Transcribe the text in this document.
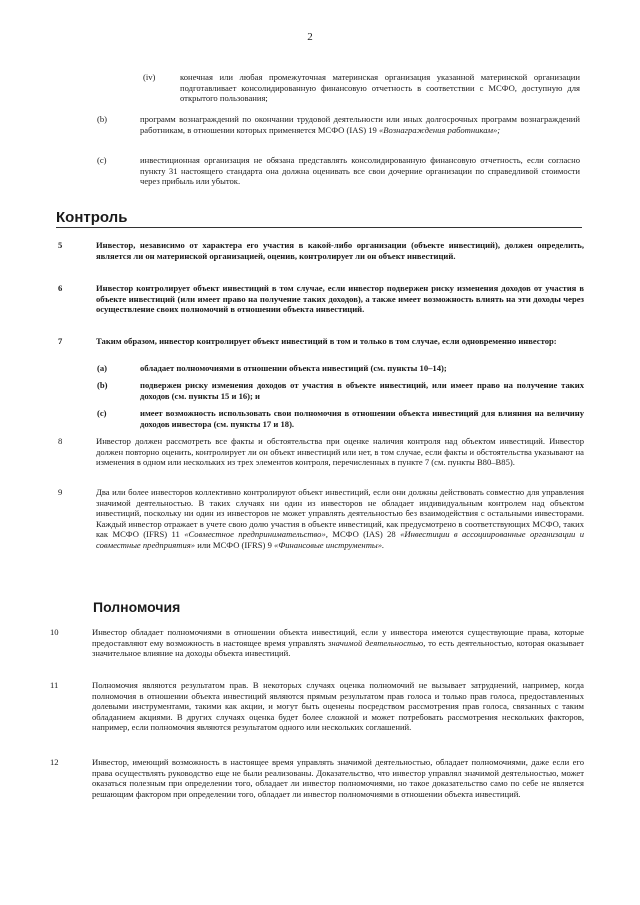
2
(iv)	конечная или любая промежуточная материнская организация указанной материнской организации подготавливает консолидированную финансовую отчетность в соответствии с МСФО, доступную для открытого пользования;
(b)	программ вознаграждений по окончании трудовой деятельности или иных долгосрочных программ вознаграждений работникам, в отношении которых применяется МСФО (IAS) 19 «Вознаграждения работникам»;
(с)	инвестиционная организация не обязана представлять консолидированную финансовую отчетность, если согласно пункту 31 настоящего стандарта она должна оценивать все свои дочерние организации по справедливой стоимости через прибыль или убыток.
Контроль
5	Инвестор, независимо от характера его участия в какой-либо организации (объекте инвестиций), должен определить, является ли он материнской организацией, оценив, контролирует ли он объект инвестиций.
6	Инвестор контролирует объект инвестиций в том случае, если инвестор подвержен риску изменения доходов от участия в объекте инвестиций (или имеет право на получение таких доходов), а также имеет возможность влиять на эти доходы через осуществление своих полномочий в отношении объекта инвестиций.
7	Таким образом, инвестор контролирует объект инвестиций в том и только в том случае, если одновременно инвестор:
(a)	обладает полномочиями в отношении объекта инвестиций (см. пункты 10–14);
(b)	подвержен риску изменения доходов от участия в объекте инвестиций, или имеет право на получение таких доходов (см. пункты 15 и 16); и
(c)	имеет возможность использовать свои полномочия в отношении объекта инвестиций для влияния на величину доходов инвестора (см. пункты 17 и 18).
8	Инвестор должен рассмотреть все факты и обстоятельства при оценке наличия контроля над объектом инвестиций. Инвестор должен повторно оценить, контролирует ли он объект инвестиций или нет, в том случае, если факты и обстоятельства указывают на изменения в одном или нескольких из трех элементов контроля, перечисленных в пункте 7 (см. пункты B80–B85).
9	Два или более инвесторов коллективно контролируют объект инвестиций, если они должны действовать совместно для управления значимой деятельностью. В таких случаях ни один из инвесторов не обладает индивидуальным контролем над объектом инвестиций, поскольку ни один из инвесторов не может управлять деятельностью без взаимодействия с остальными инвесторами. Каждый инвестор отражает в учете свою долю участия в объекте инвестиций, как предусмотрено в соответствующих МСФО, таких как МСФО (IFRS) 11 «Совместное предпринимательство», МСФО (IAS) 28 «Инвестиции в ассоциированные организации и совместные предприятия» или МСФО (IFRS) 9 «Финансовые инструменты».
Полномочия
10	Инвестор обладает полномочиями в отношении объекта инвестиций, если у инвестора имеются существующие права, которые предоставляют ему возможность в настоящее время управлять значимой деятельностью, то есть деятельностью, которая оказывает значительное влияние на доходы объекта инвестиций.
11	Полномочия являются результатом прав. В некоторых случаях оценка полномочий не вызывает затруднений, например, когда полномочия в отношении объекта инвестиций являются прямым результатом прав голоса и только прав голоса, предоставленных долевыми инструментами, такими как акции, и могут быть оценены посредством рассмотрения прав голоса, связанных с таким обладанием акциями. В других случаях оценка будет более сложной и может потребовать рассмотрения нескольких факторов, например, если полномочия являются результатом одного или нескольких соглашений.
12	Инвестор, имеющий возможность в настоящее время управлять значимой деятельностью, обладает полномочиями, даже если его права осуществлять руководство еще не были реализованы. Доказательство, что инвестор управлял значимой деятельностью, может оказаться полезным при определении того, обладает ли инвестор полномочиями, но такое доказательство само по себе не является решающим фактором при определении того, обладает ли инвестор полномочиями в отношении объекта инвестиций.
